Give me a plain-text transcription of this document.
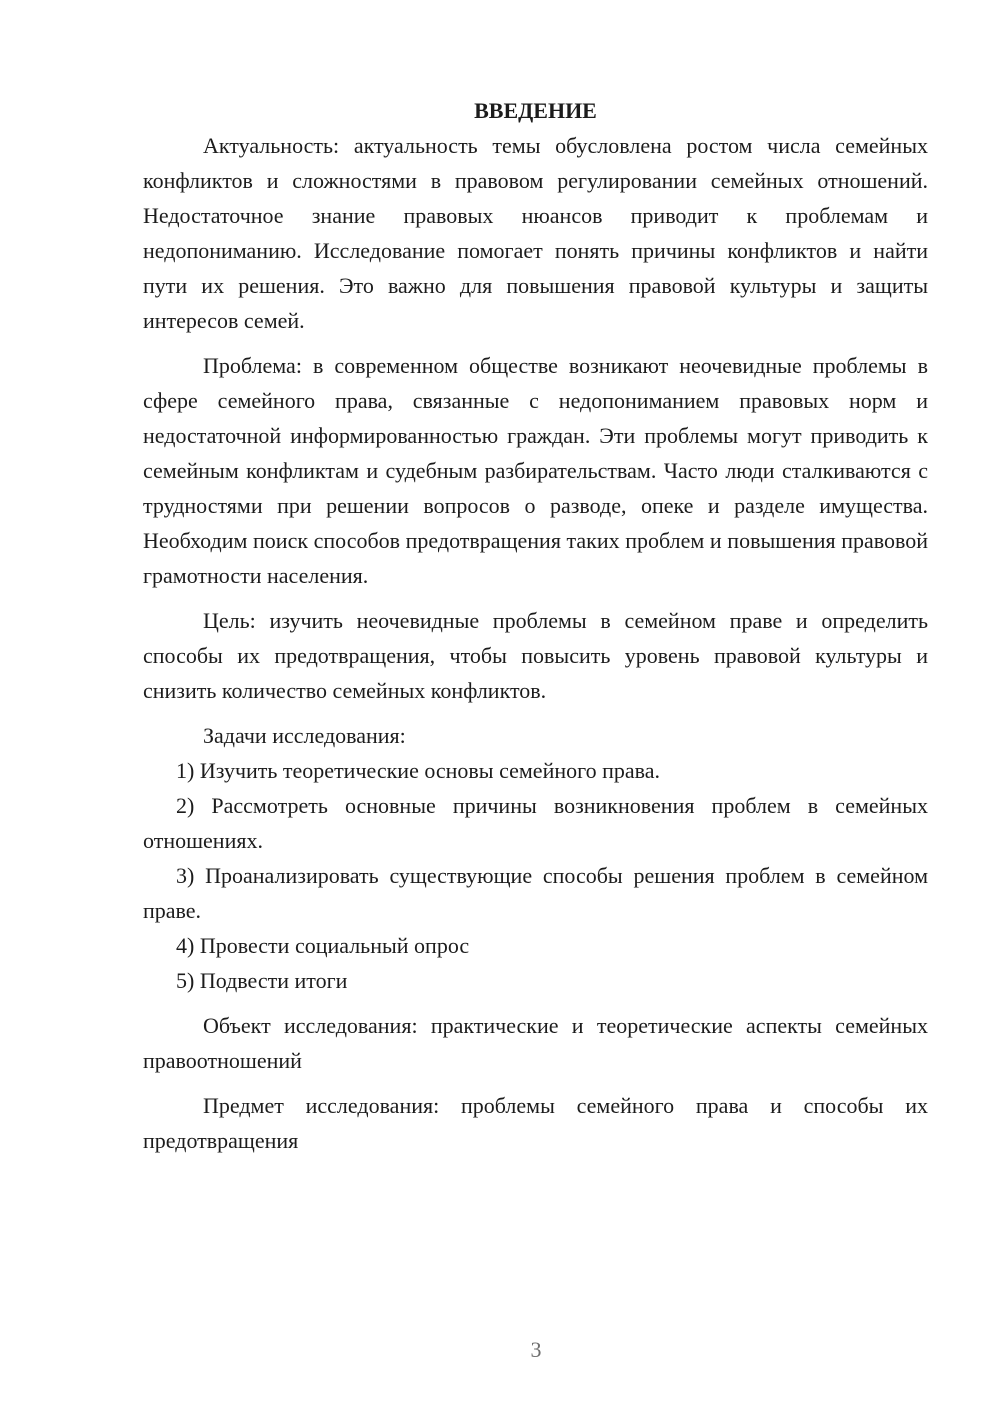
ВВЕДЕНИЕ

Актуальность: актуальность темы обусловлена ростом числа семейных конфликтов и сложностями в правовом регулировании семейных отношений. Недостаточное знание правовых нюансов приводит к проблемам и недопониманию. Исследование помогает понять причины конфликтов и найти пути их решения. Это важно для повышения правовой культуры и защиты интересов семей.

Проблема: в современном обществе возникают неочевидные проблемы в сфере семейного права, связанные с недопониманием правовых норм и недостаточной информированностью граждан. Эти проблемы могут приводить к семейным конфликтам и судебным разбирательствам. Часто люди сталкиваются с трудностями при решении вопросов о разводе, опеке и разделе имущества. Необходим поиск способов предотвращения таких проблем и повышения правовой грамотности населения.

Цель: изучить неочевидные проблемы в семейном праве и определить способы их предотвращения, чтобы повысить уровень правовой культуры и снизить количество семейных конфликтов.

Задачи исследования:

1) Изучить теоретические основы семейного права.

2) Рассмотреть основные причины возникновения проблем в семейных отношениях.

3) Проанализировать существующие способы решения проблем в семейном праве.

4) Провести социальный опрос

5) Подвести итоги

Объект исследования: практические и теоретические аспекты семейных правоотношений

Предмет исследования: проблемы семейного права и способы их предотвращения

3
